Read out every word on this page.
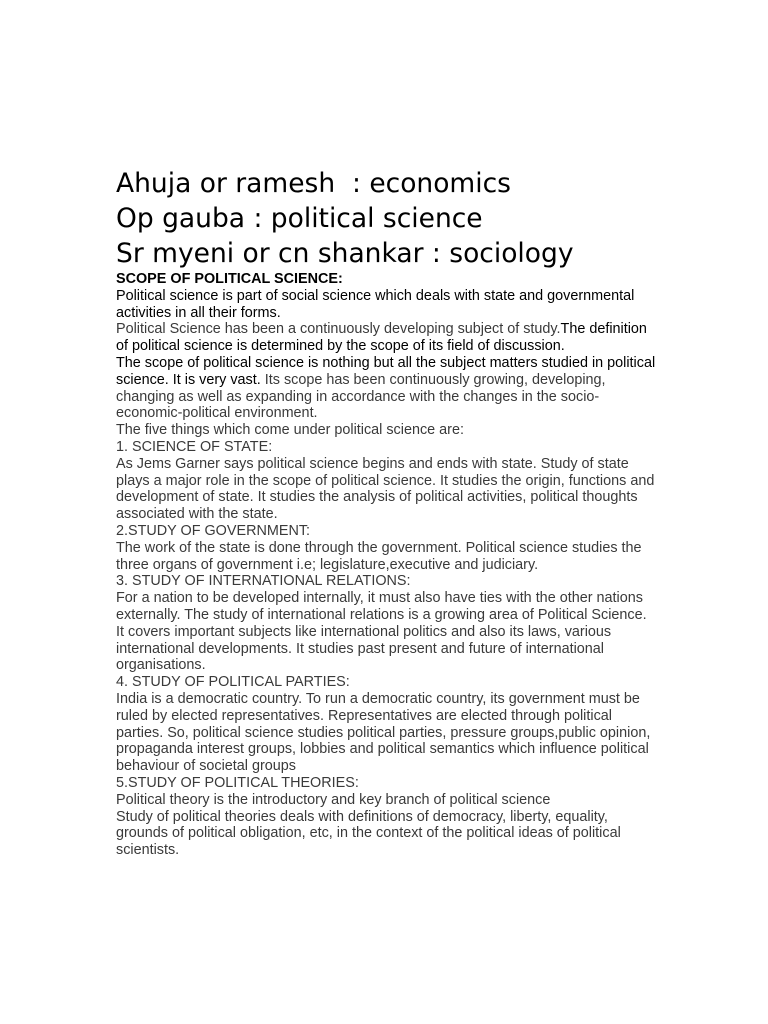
Ahuja or ramesh  : economics
Op gauba : political science
Sr myeni or cn shankar : sociology

SCOPE OF POLITICAL SCIENCE:

Political science is part of social science which deals with state and governmental activities in all their forms.

Political Science has been a continuously developing subject of study.The definition of political science is determined by the scope of its field of discussion.

The scope of political science is nothing but all the subject matters studied in political science. It is very vast. Its scope has been continuously growing, developing, changing as well as expanding in accordance with the changes in the socio-economic-political environment.

The five things which come under political science are:

1. SCIENCE OF STATE:

As Jems Garner says political science begins and ends with state. Study of state plays a major role in the scope of political science. It studies the origin, functions and development of state. It studies the analysis of political activities, political thoughts associated with the state.

2.STUDY OF GOVERNMENT:

The work of the state is done through the government. Political science studies the three organs of government i.e; legislature,executive and judiciary.

3. STUDY OF INTERNATIONAL RELATIONS:

For a nation to be developed internally, it must also have ties with the other nations externally. The study of international relations is a growing area of Political Science. It covers important subjects like international politics and also its laws, various international developments. It studies past present and future of international organisations.

4. STUDY OF POLITICAL PARTIES:

India is a democratic country. To run a democratic country, its government must be ruled by elected representatives. Representatives are elected through political parties. So, political science studies political parties, pressure groups,public opinion, propaganda interest groups, lobbies and political semantics which influence political behaviour of societal groups

5.STUDY OF POLITICAL THEORIES:

Political theory is the introductory and key branch of political science

Study of political theories deals with definitions of democracy, liberty, equality, grounds of political obligation, etc, in the context of the political ideas of political scientists.
